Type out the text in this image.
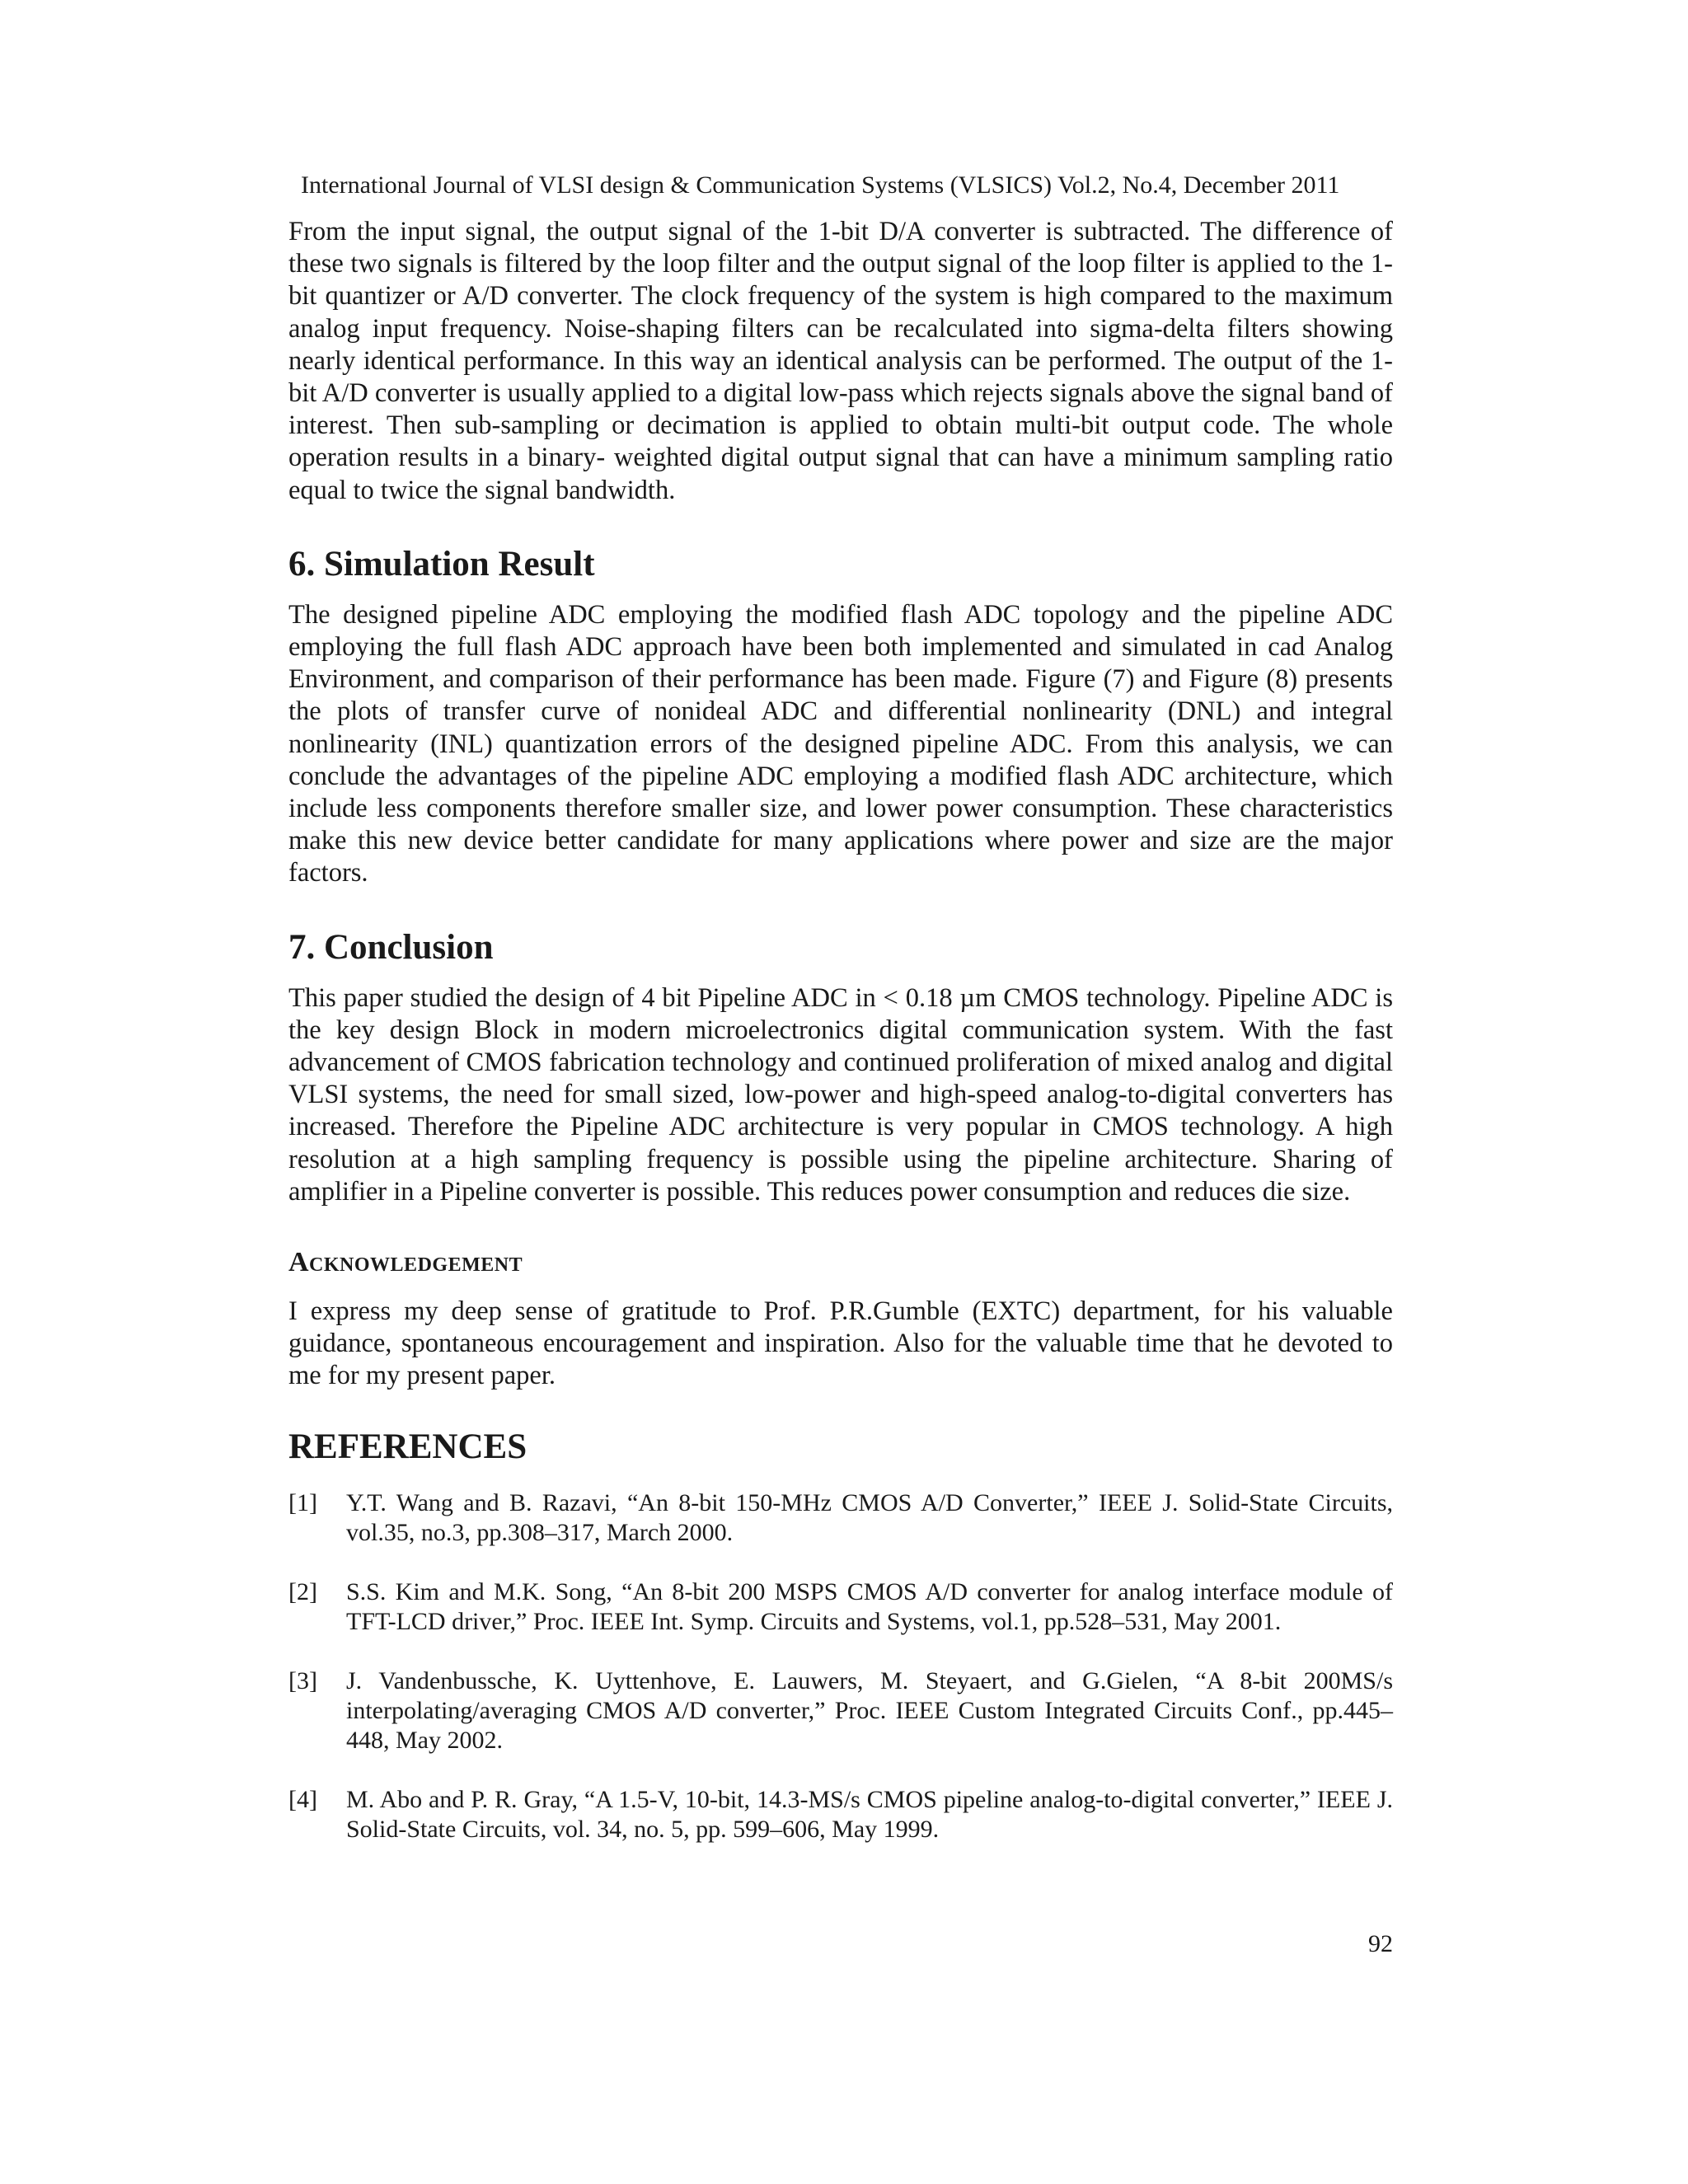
International Journal of VLSI design & Communication Systems (VLSICS) Vol.2, No.4, December 2011

From the input signal, the output signal of the 1-bit D/A converter is subtracted. The difference of these two signals is filtered by the loop filter and the output signal of the loop filter is applied to the 1-bit quantizer or A/D converter. The clock frequency of the system is high compared to the maximum analog input frequency. Noise-shaping filters can be recalculated into sigma-delta filters showing nearly identical performance. In this way an identical analysis can be performed. The output of the 1-bit A/D converter is usually applied to a digital low-pass which rejects signals above the signal band of interest. Then sub-sampling or decimation is applied to obtain multi-bit output code. The whole operation results in a binary- weighted digital output signal that can have a minimum sampling ratio equal to twice the signal bandwidth.

6. Simulation Result

The designed pipeline ADC employing the modified flash ADC topology and the pipeline ADC employing the full flash ADC approach have been both implemented and simulated in cad Analog Environment, and comparison of their performance has been made. Figure (7) and Figure (8) presents the plots of transfer curve of nonideal ADC and differential nonlinearity (DNL) and integral nonlinearity (INL) quantization errors of the designed pipeline ADC. From this analysis, we can conclude the advantages of the pipeline ADC employing a modified flash ADC architecture, which include less components therefore smaller size, and lower power consumption. These characteristics make this new device better candidate for many applications where power and size are the major factors.

7. Conclusion

This paper studied the design of 4 bit Pipeline ADC in < 0.18 µm CMOS technology. Pipeline ADC is the key design Block in modern microelectronics digital communication system. With the fast advancement of CMOS fabrication technology and continued proliferation of mixed analog and digital VLSI systems, the need for small sized, low-power and high-speed analog-to-digital converters has increased. Therefore the Pipeline ADC architecture is very popular in CMOS technology. A high resolution at a high sampling frequency is possible using the pipeline architecture. Sharing of amplifier in a Pipeline converter is possible. This reduces power consumption and reduces die size.

Acknowledgement

I express my deep sense of gratitude to Prof. P.R.Gumble (EXTC) department, for his valuable guidance, spontaneous encouragement and inspiration. Also for the valuable time that he devoted to me for my present paper.

REFERENCES
[1]	Y.T. Wang and B. Razavi, “An 8-bit 150-MHz CMOS A/D Converter,” IEEE J. Solid-State Circuits, vol.35, no.3, pp.308–317, March 2000.
[2]	S.S. Kim and M.K. Song, “An 8-bit 200 MSPS CMOS A/D converter for analog interface module of TFT-LCD driver,” Proc. IEEE Int. Symp. Circuits and Systems, vol.1, pp.528–531, May 2001.
[3]	J. Vandenbussche, K. Uyttenhove, E. Lauwers, M. Steyaert, and G.Gielen, “A 8-bit 200MS/s interpolating/averaging CMOS A/D converter,” Proc. IEEE Custom Integrated Circuits Conf., pp.445–448, May 2002.
[4]	M. Abo and P. R. Gray, “A 1.5-V, 10-bit, 14.3-MS/s CMOS pipeline analog-to-digital converter,” IEEE J. Solid-State Circuits, vol. 34, no. 5, pp. 599–606, May 1999.
92
